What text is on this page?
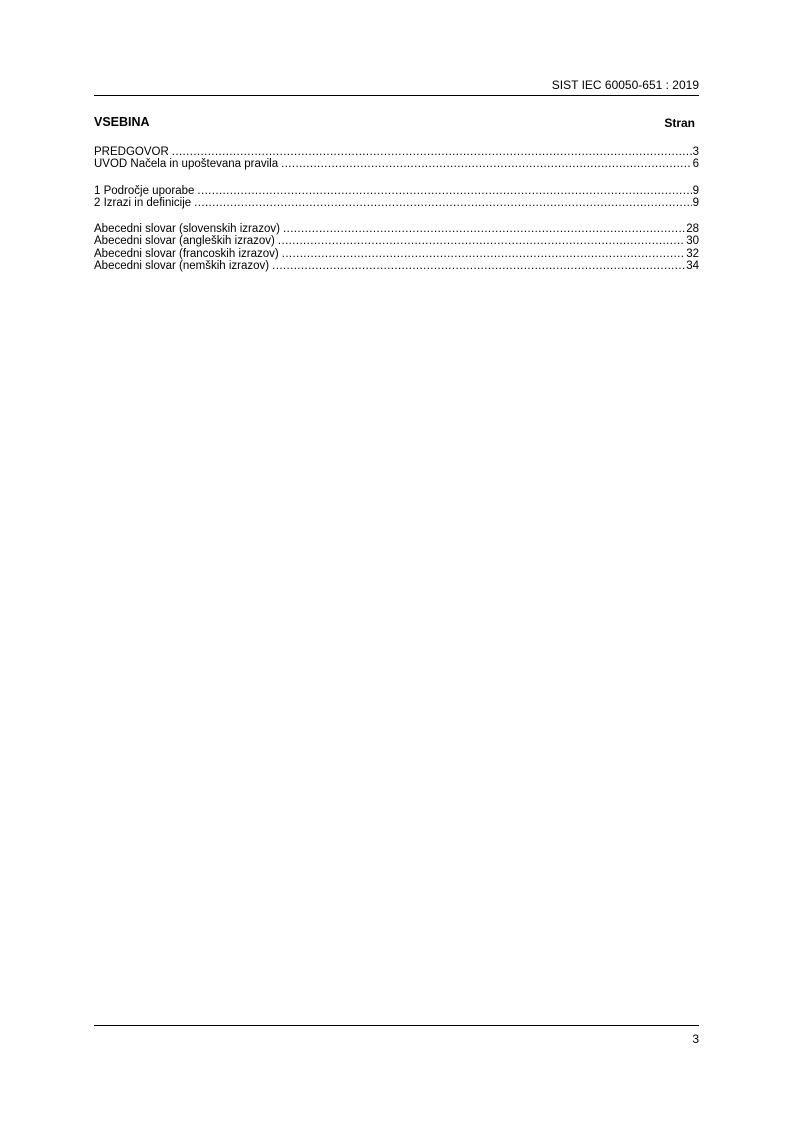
SIST IEC 60050-651 : 2019
VSEBINA	Stran
PREDGOVOR .....	3
UVOD Načela in upoštevana pravila .....	6
1 Področje uporabe .....	9
2 Izrazi in definicije .....	9
Abecedni slovar (slovenskih izrazov) .....	28
Abecedni slovar (angleških izrazov) .....	30
Abecedni slovar (francoskih izrazov) .....	32
Abecedni slovar (nemških izrazov) .....	34
3
